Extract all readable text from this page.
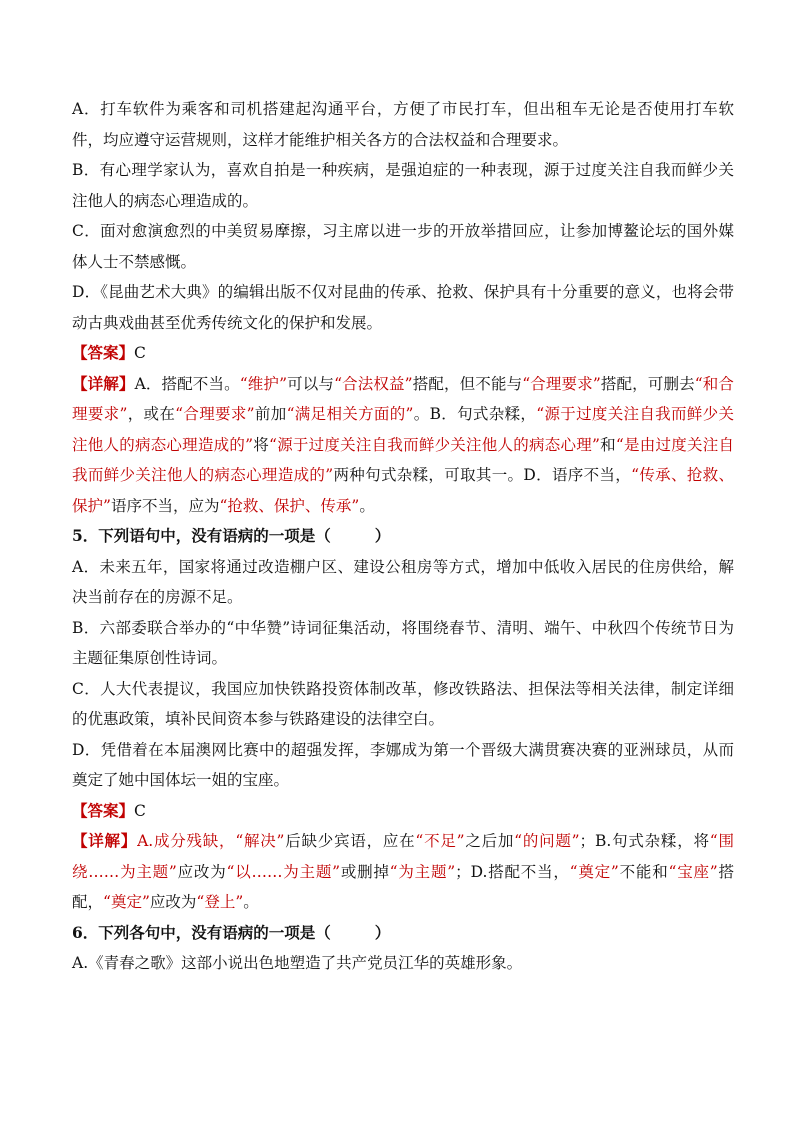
A．打车软件为乘客和司机搭建起沟通平台，方便了市民打车，但出租车无论是否使用打车软件，均应遵守运营规则，这样才能维护相关各方的合法权益和合理要求。

B．有心理学家认为，喜欢自拍是一种疾病，是强迫症的一种表现，源于过度关注自我而鲜少关注他人的病态心理造成的。

C．面对愈演愈烈的中美贸易摩擦，习主席以进一步的开放举措回应，让参加博鳌论坛的国外媒体人士不禁感慨。

D．《昆曲艺术大典》的编辑出版不仅对昆曲的传承、抢救、保护具有十分重要的意义，也将会带动古典戏曲甚至优秀传统文化的保护和发展。

【答案】C

【详解】A．搭配不当。“维护”可以与“合法权益”搭配，但不能与“合理要求”搭配，可删去“和合理要求”，或在“合理要求”前加“满足相关方面的”。B．句式杂糅，“源于过度关注自我而鲜少关注他人的病态心理造成的”将“源于过度关注自我而鲜少关注他人的病态心理”和“是由过度关注自我而鲜少关注他人的病态心理造成的”两种句式杂糅，可取其一。D．语序不当，“传承、抢救、保护”语序不当，应为“抢救、保护、传承”。

5．下列语句中，没有语病的一项是（	）

A．未来五年，国家将通过改造棚户区、建设公租房等方式，增加中低收入居民的住房供给，解决当前存在的房源不足。

B．六部委联合举办的“中华赞”诗词征集活动，将围绕春节、清明、端午、中秋四个传统节日为主题征集原创性诗词。

C．人大代表提议，我国应加快铁路投资体制改革，修改铁路法、担保法等相关法律，制定详细的优惠政策，填补民间资本参与铁路建设的法律空白。

D．凭借着在本届澳网比赛中的超强发挥，李娜成为第一个晋级大满贯赛决赛的亚洲球员，从而奠定了她中国体坛一姐的宝座。

【答案】C

【详解】A.成分残缺，“解决”后缺少宾语，应在“不足”之后加“的问题”；B.句式杂糅，将“围绕……为主题”应改为“以……为主题”或删掉“为主题”；D.搭配不当，“奠定”不能和“宝座”搭配，“奠定”应改为“登上”。

6．下列各句中，没有语病的一项是（	）

A.《青春之歌》这部小说出色地塑造了共产党员江华的英雄形象。
